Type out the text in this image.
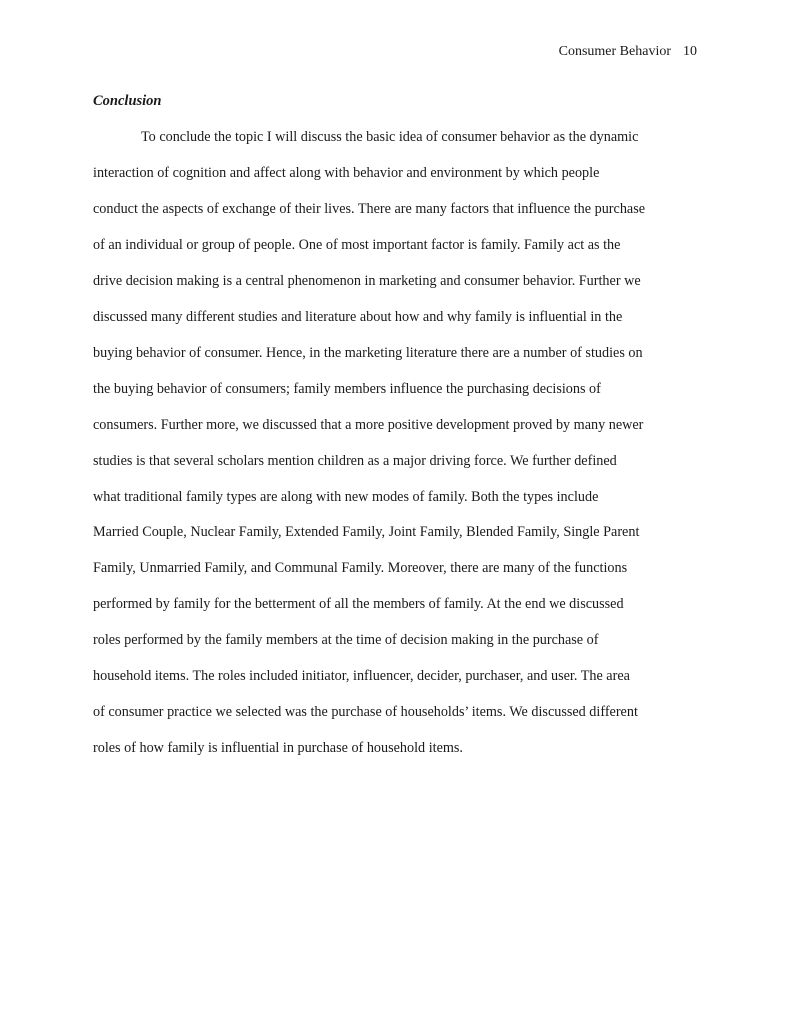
Consumer Behavior 10
Conclusion
To conclude the topic I will discuss the basic idea of consumer behavior as the dynamic
interaction of cognition and affect along with behavior and environment by which people
conduct the aspects of exchange of their lives. There are many factors that influence the purchase
of an individual or group of people. One of most important factor is family. Family act as the
drive decision making is a central phenomenon in marketing and consumer behavior. Further we
discussed many different studies and literature about how and why family is influential in the
buying behavior of consumer. Hence, in the marketing literature there are a number of studies on
the buying behavior of consumers; family members influence the purchasing decisions of
consumers. Further more, we discussed that a more positive development proved by many newer
studies is that several scholars mention children as a major driving force. We further defined
what traditional family types are along with new modes of family. Both the types include
Married Couple, Nuclear Family, Extended Family, Joint Family, Blended Family, Single Parent
Family, Unmarried Family, and Communal Family. Moreover, there are many of the functions
performed by family for the betterment of all the members of family. At the end we discussed
roles performed by the family members at the time of decision making in the purchase of
household items. The roles included initiator, influencer, decider, purchaser, and user. The area
of consumer practice we selected was the purchase of households’ items. We discussed different
roles of how family is influential in purchase of household items.
